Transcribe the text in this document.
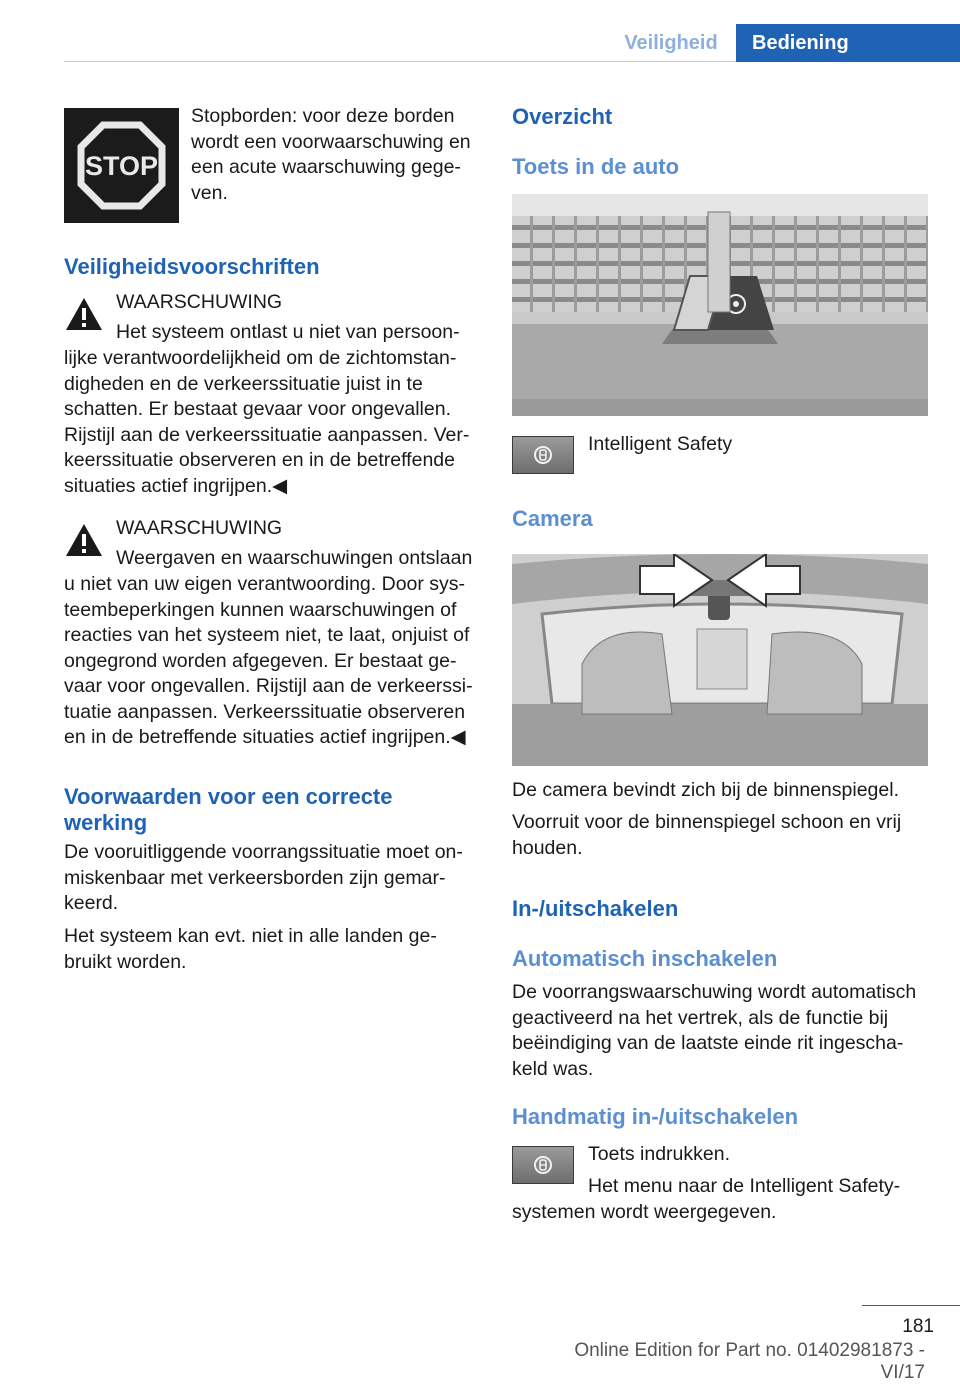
Veiligheid	Bediening
STOP
Stopborden: voor deze borden wordt een voorwaarschuwing en een acute waarschuwing gege-ven.
Veiligheidsvoorschriften
WAARSCHUWING
Het systeem ontlast u niet van persoon-
lijke verantwoordelijkheid om de zichtomstan-digheden en de verkeerssituatie juist in te schatten. Er bestaat gevaar voor ongevallen. Rijstijl aan de verkeerssituatie aanpassen. Ver-keerssituatie observeren en in de betreffende situaties actief ingrijpen.◀
WAARSCHUWING
Weergaven en waarschuwingen ontslaan
u niet van uw eigen verantwoording. Door sys-teembeperkingen kunnen waarschuwingen of reacties van het systeem niet, te laat, onjuist of ongegrond worden afgegeven. Er bestaat ge-vaar voor ongevallen. Rijstijl aan de verkeerssi-tuatie aanpassen. Verkeerssituatie observeren en in de betreffende situaties actief ingrijpen.◀
Voorwaarden voor een correcte werking
De vooruitliggende voorrangssituatie moet on-miskenbaar met verkeersborden zijn gemar-keerd.
Het systeem kan evt. niet in alle landen ge-bruikt worden.
Overzicht
Toets in de auto
Intelligent Safety
Camera
De camera bevindt zich bij de binnenspiegel.
Voorruit voor de binnenspiegel schoon en vrij houden.
In-/uitschakelen
Automatisch inschakelen
De voorrangswaarschuwing wordt automatisch geactiveerd na het vertrek, als de functie bij beëindiging van de laatste einde rit ingescha-keld was.
Handmatig in-/uitschakelen
Toets indrukken.
Het menu naar de Intelligent Safety-
systemen wordt weergegeven.
181
Online Edition for Part no. 01402981873 - VI/17
